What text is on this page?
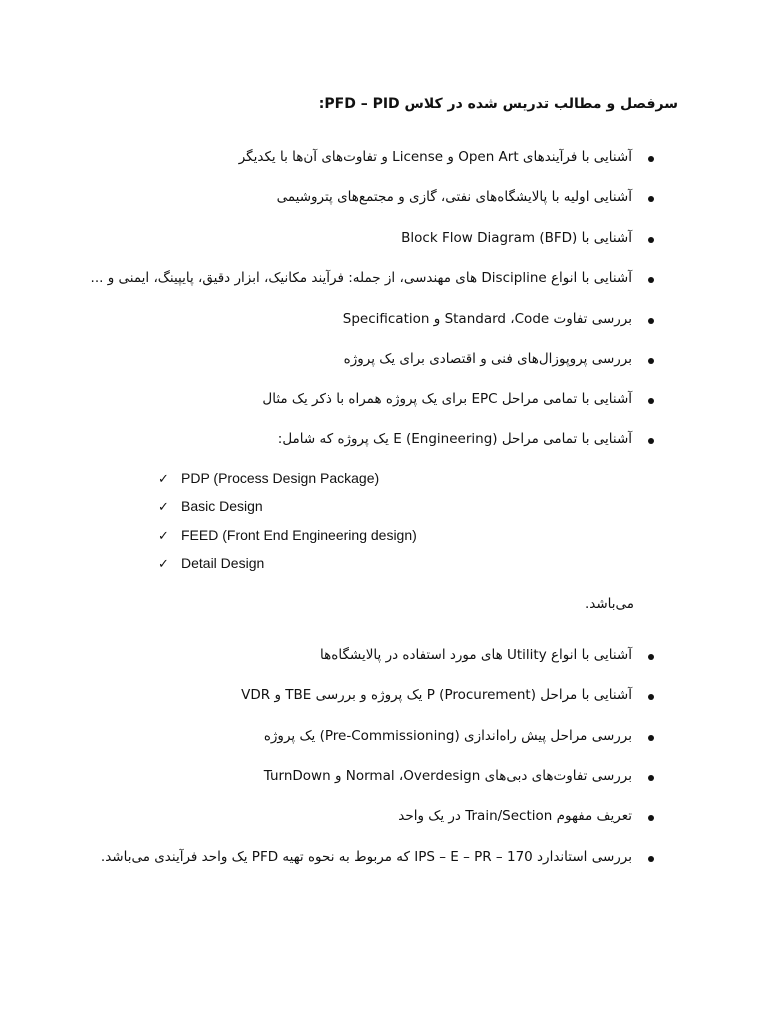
سرفصل و مطالب تدریس شده در کلاس PFD – PID:
آشنایی با فرآیندهای Open Art و License و تفاوت‌های آن‌ها با یکدیگر
آشنایی اولیه با پالایشگاه‌های نفتی، گازی و مجتمع‌های پتروشیمی
آشنایی با Block Flow Diagram (BFD)
آشنایی با انواع Discipline های مهندسی، از جمله: فرآیند مکانیک، ابزار دقیق، پایپینگ، ایمنی و ...
بررسی تفاوت Standard ،Code و Specification
بررسی پروپوزال‌های فنی و اقتصادی برای یک پروژه
آشنایی با تمامی مراحل EPC برای یک پروژه همراه با ذکر یک مثال
آشنایی با تمامی مراحل E (Engineering) یک پروژه که شامل:
✓ PDP (Process Design Package)
✓ Basic Design
✓ FEED (Front End Engineering design)
✓ Detail Design
می‌باشد.
آشنایی با انواع Utility های مورد استفاده در پالایشگاه‌ها
آشنایی با مراحل P (Procurement) یک پروژه و بررسی TBE و VDR
بررسی مراحل پیش راه‌اندازی (Pre-Commissioning) یک پروژه
بررسی تفاوت‌های دبی‌های Normal ،Overdesign و TurnDown
تعریف مفهوم Train/Section در یک واحد
بررسی استاندارد IPS – E – PR – 170 که مربوط به نحوه تهیه PFD یک واحد فرآیندی می‌باشد.
